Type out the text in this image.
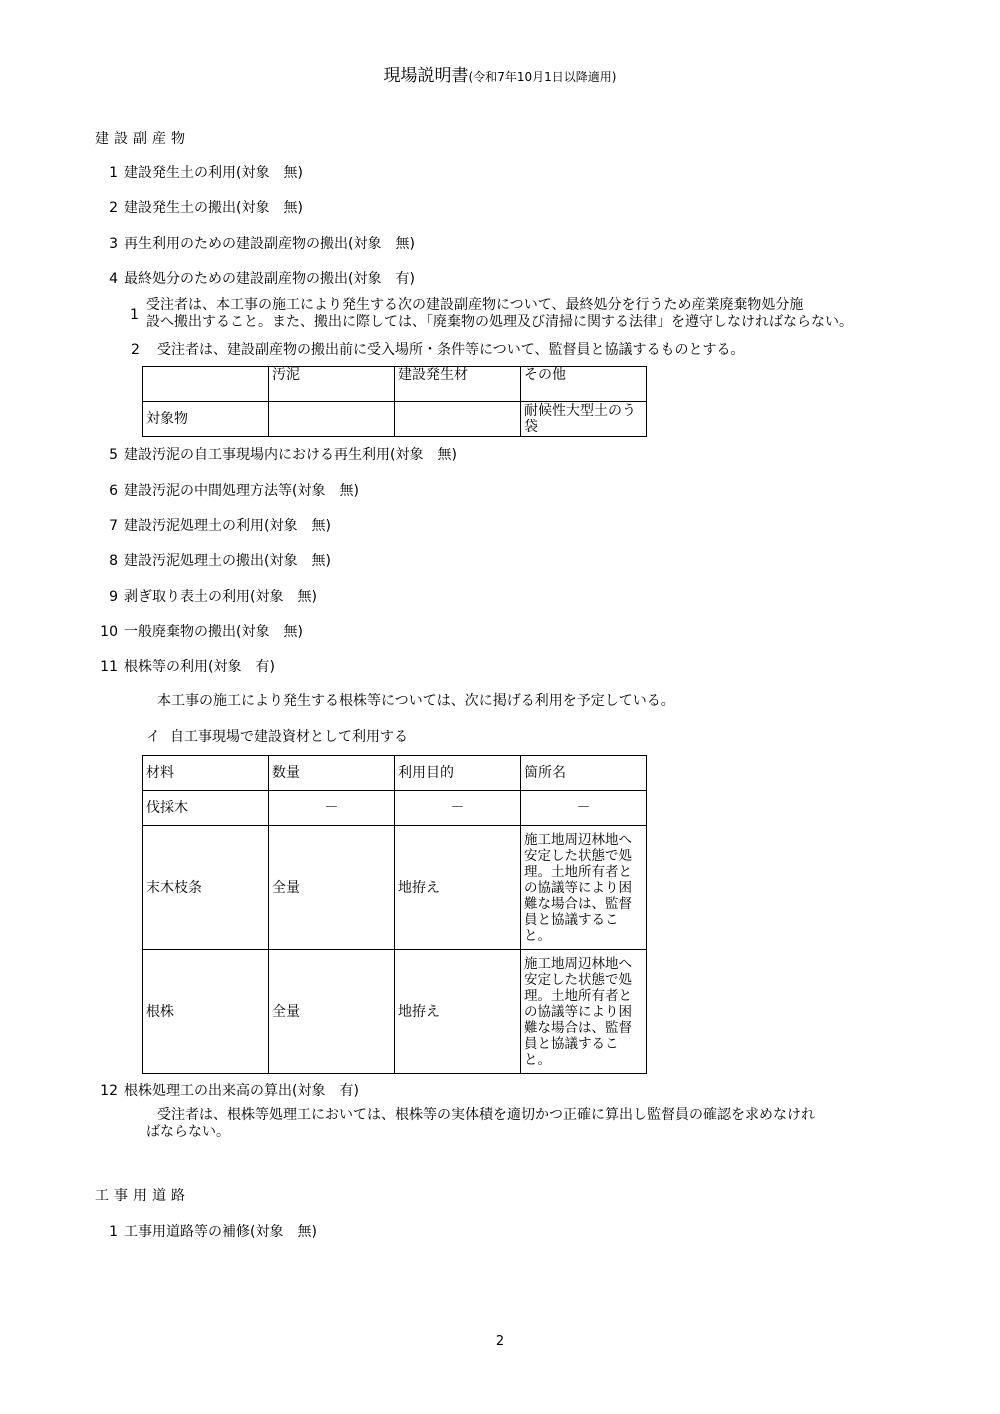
現場説明書(令和7年10月1日以降適用)
建設副産物
1 建設発生土の利用(対象　無)
2 建設発生土の搬出(対象　無)
3 再生利用のための建設副産物の搬出(対象　無)
4 最終処分のための建設副産物の搬出(対象　有)
1
受注者は、本工事の施工により発生する次の建設副産物について、最終処分を行うため産業廃棄物処分施
設へ搬出すること。また、搬出に際しては、「廃棄物の処理及び清掃に関する法律」を遵守しなければならない。
2 受注者は、建設副産物の搬出前に受入場所・条件等について、監督員と協議するものとする。
	汚泥	建設発生材	その他
対象物			耐候性大型土のう袋
5 建設汚泥の自工事現場内における再生利用(対象　無)
6 建設汚泥の中間処理方法等(対象　無)
7 建設汚泥処理土の利用(対象　無)
8 建設汚泥処理土の搬出(対象　無)
9 剥ぎ取り表土の利用(対象　無)
10 一般廃棄物の搬出(対象　無)
11 根株等の利用(対象　有)
本工事の施工により発生する根株等については、次に掲げる利用を予定している。
イ 自工事現場で建設資材として利用する
材料	数量	利用目的	箇所名
伐採木	－	－	－
末木枝条	全量	地拵え	施工地周辺林地へ安定した状態で処理。土地所有者との協議等により困難な場合は、監督員と協議すること。
根株	全量	地拵え	施工地周辺林地へ安定した状態で処理。土地所有者との協議等により困難な場合は、監督員と協議すること。
12 根株処理工の出来高の算出(対象　有)
受注者は、根株等処理工においては、根株等の実体積を適切かつ正確に算出し監督員の確認を求めなけれ
ばならない。
工事用道路
1 工事用道路等の補修(対象　無)
2
